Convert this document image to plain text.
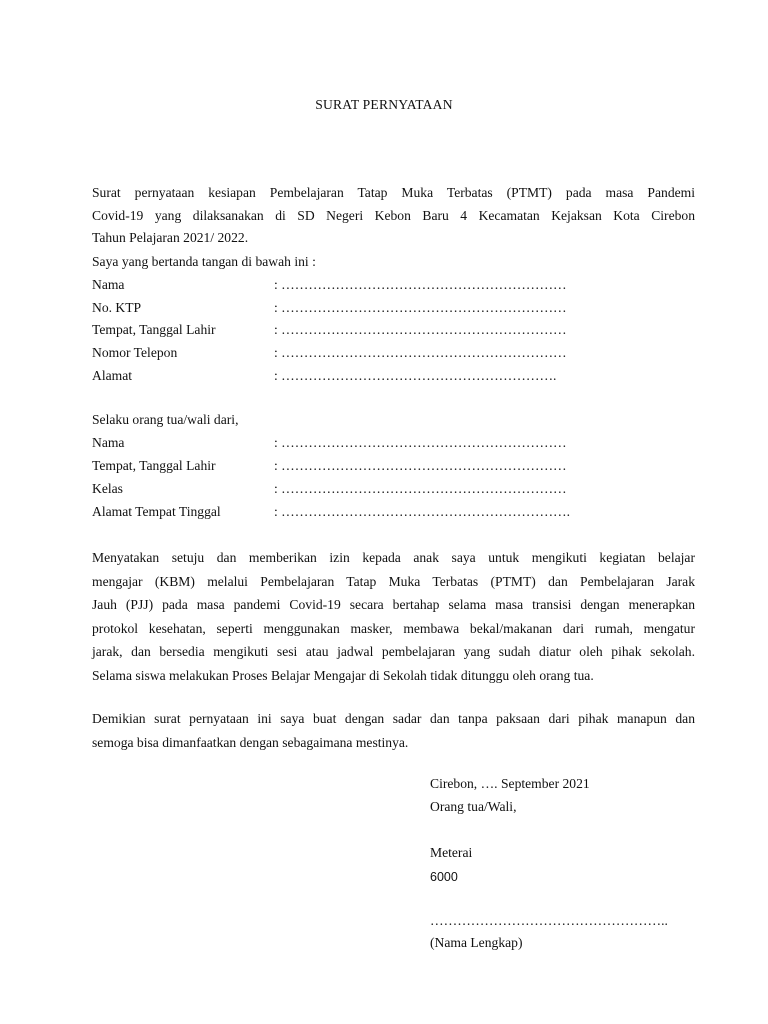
SURAT PERNYATAAN
Surat pernyataan kesiapan Pembelajaran Tatap Muka Terbatas (PTMT) pada masa Pandemi
Covid-19 yang dilaksanakan di SD Negeri Kebon Baru 4 Kecamatan Kejaksan Kota Cirebon
Tahun Pelajaran 2021/ 2022.
Saya yang bertanda tangan di bawah ini :
Nama	: ………………………………………………………
No. KTP	: ………………………………………………………
Tempat, Tanggal Lahir	: ………………………………………………………
Nomor Telepon	: ………………………………………………………
Alamat	: …………………………………………………….
Selaku orang tua/wali dari,
Nama	: ………………………………………………………
Tempat, Tanggal Lahir	: ………………………………………………………
Kelas	: ………………………………………………………
Alamat Tempat Tinggal	: ……………………………………………………….
Menyatakan setuju dan memberikan izin kepada anak saya untuk mengikuti kegiatan belajar
mengajar (KBM) melalui Pembelajaran Tatap Muka Terbatas (PTMT) dan Pembelajaran Jarak
Jauh (PJJ) pada masa pandemi Covid-19 secara bertahap selama masa transisi dengan menerapkan
protokol kesehatan, seperti menggunakan masker, membawa bekal/makanan dari rumah, mengatur
jarak, dan bersedia mengikuti sesi atau jadwal pembelajaran yang sudah diatur oleh pihak sekolah.
Selama siswa melakukan Proses Belajar Mengajar di Sekolah tidak ditunggu oleh orang tua.
Demikian surat pernyataan ini saya buat dengan sadar dan tanpa paksaan dari pihak manapun dan
semoga bisa dimanfaatkan dengan sebagaimana mestinya.
Cirebon, …. September 2021
Orang tua/Wali,
Meterai
6000
……………………………………………..
(Nama Lengkap)
